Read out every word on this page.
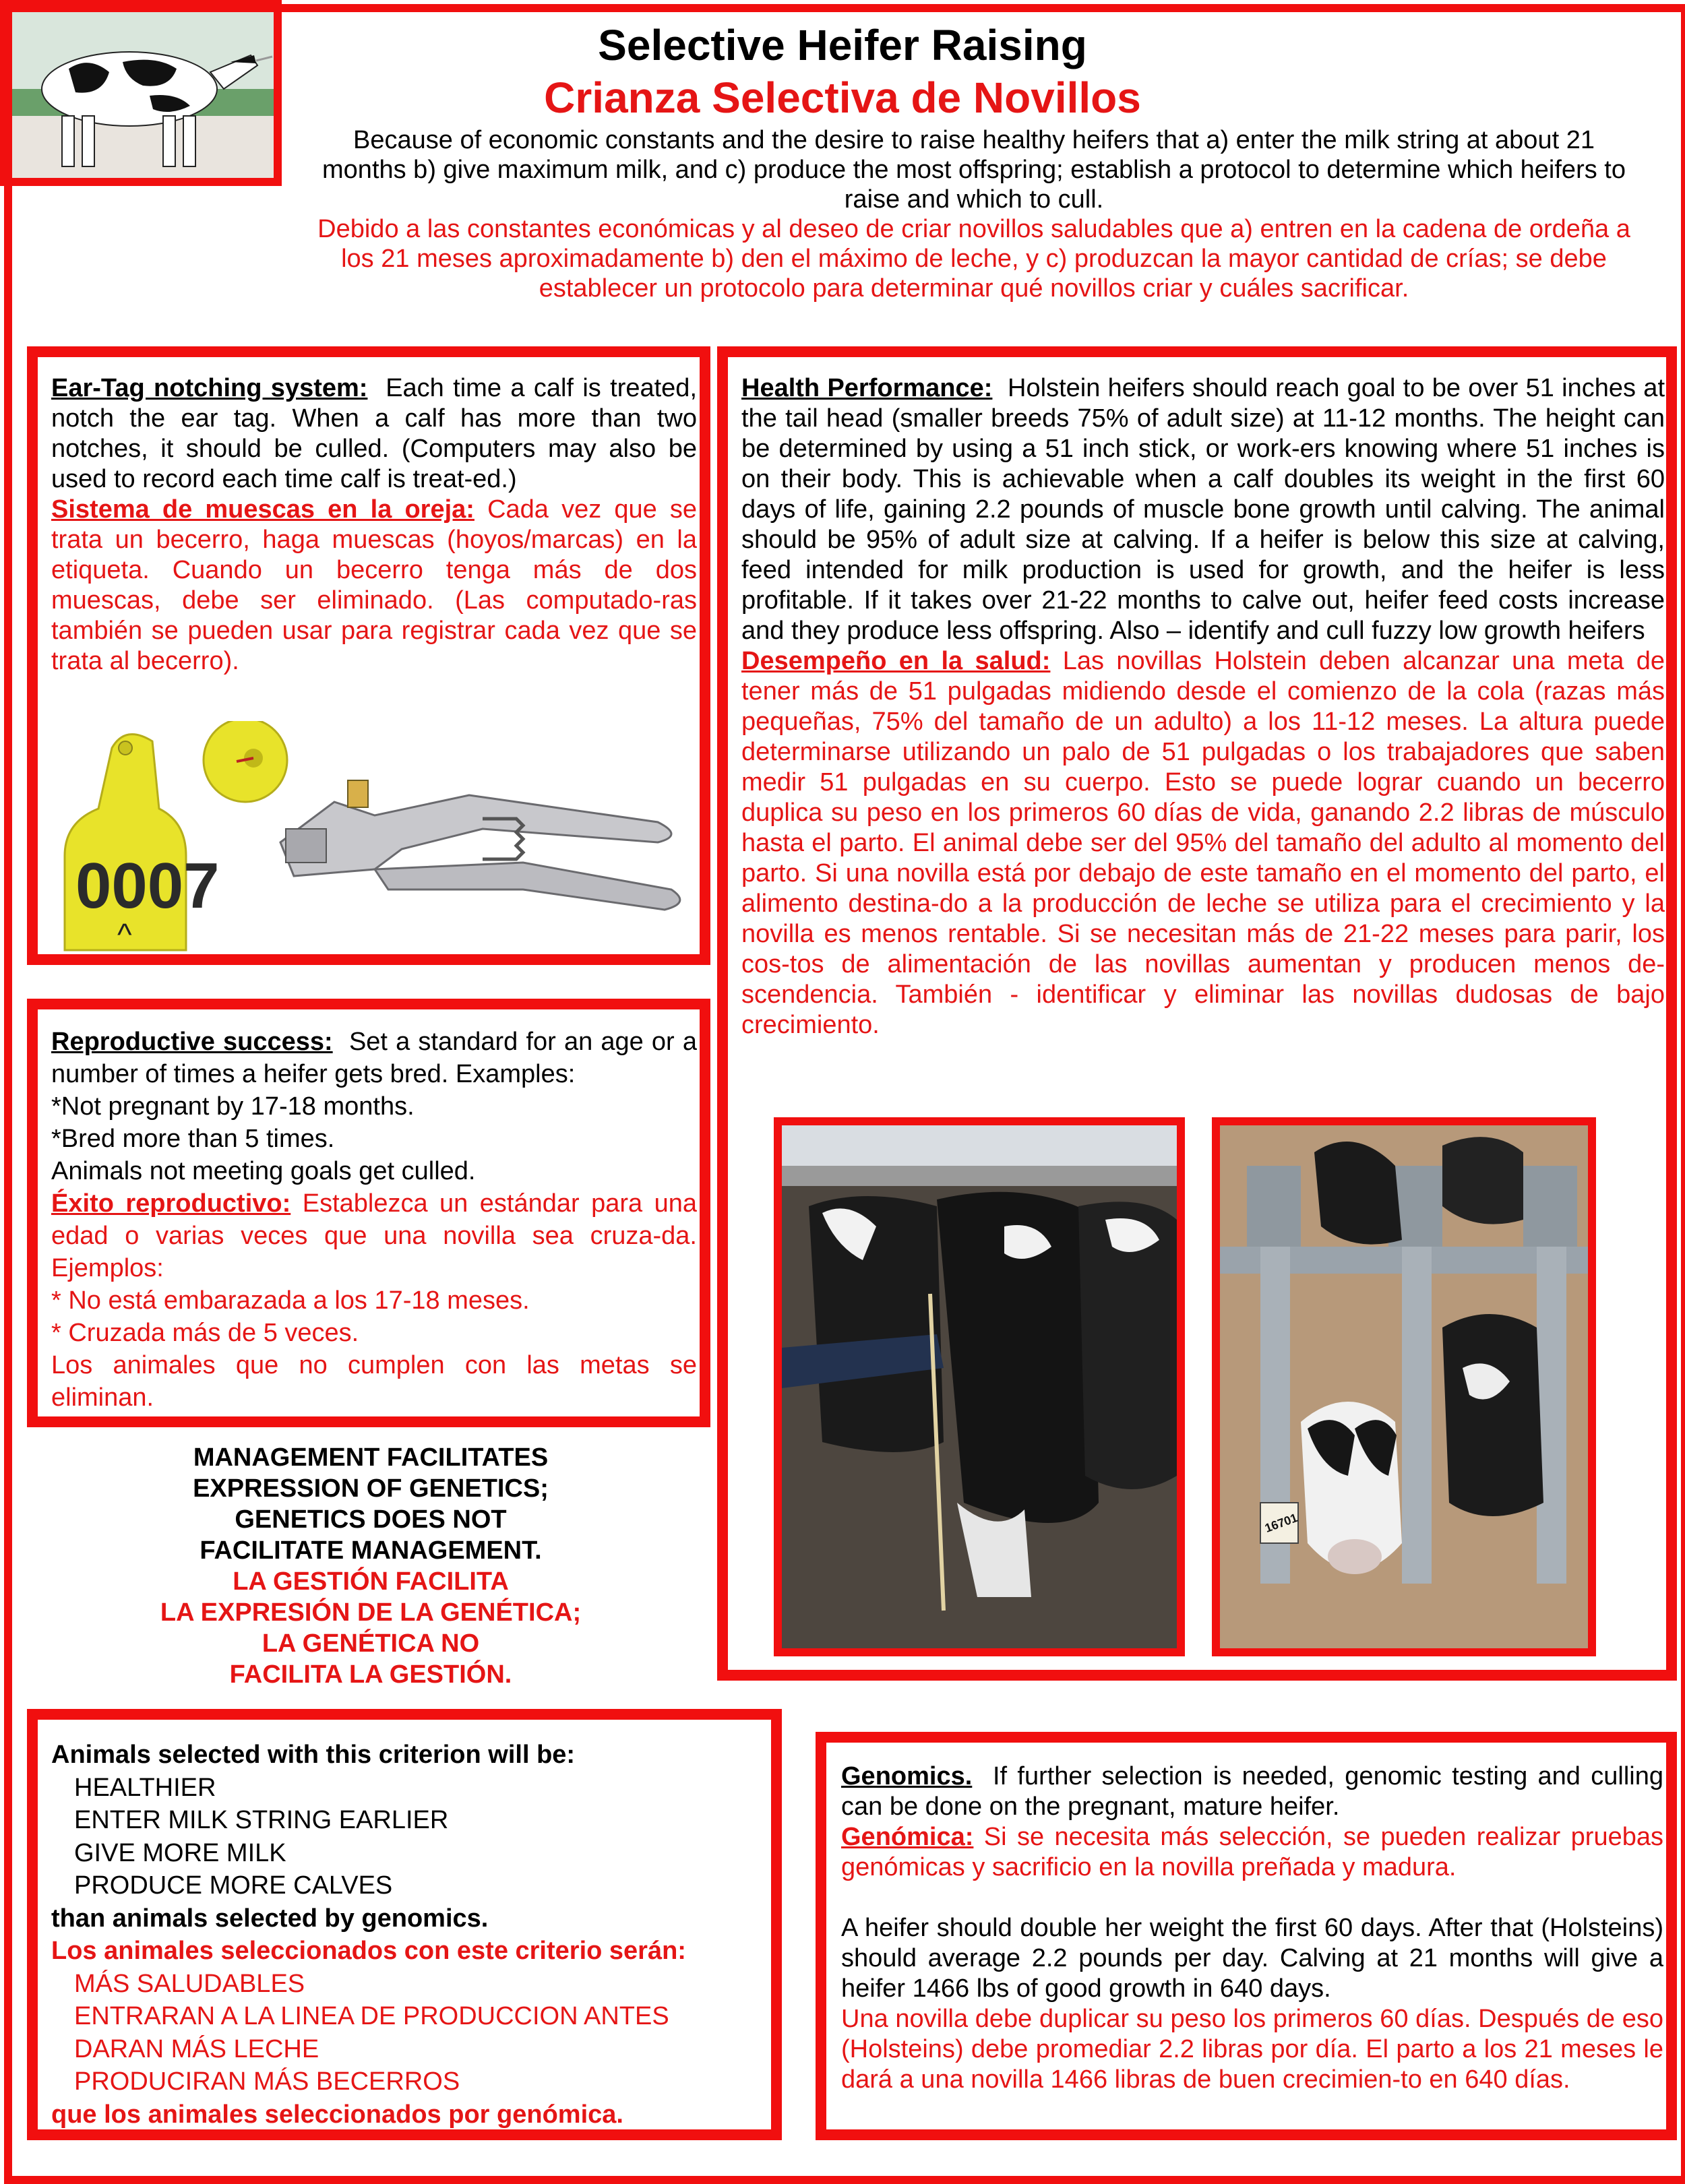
Selective Heifer Raising
Crianza Selectiva de Novillos

Because of economic constants and the desire to raise healthy heifers that a) enter the milk string at about 21 months b) give maximum milk, and c) produce the most offspring; establish a protocol to determine which heifers to raise and which to cull.

Debido a las constantes económicas y al deseo de criar novillos saludables que a) entren en la cadena de ordeña a los 21 meses aproximadamente b) den el máximo de leche, y c) produzcan la mayor cantidad de crías; se debe establecer un protocolo para determinar qué novillos criar y cuáles sacrificar.

Ear-Tag notching system: Each time a calf is treated, notch the ear tag. When a calf has more than two notches, it should be culled. (Computers may also be used to record each time calf is treat-ed.)

Sistema de muescas en la oreja: Cada vez que se trata un becerro, haga muescas (hoyos/marcas) en la etiqueta. Cuando un becerro tenga más de dos muescas, debe ser eliminado. (Las computado-ras también se pueden usar para registrar cada vez que se trata al becerro).

0007
^

Health Performance: Holstein heifers should reach goal to be over 51 inches at the tail head (smaller breeds 75% of adult size) at 11-12 months. The height can be determined by using a 51 inch stick, or work-ers knowing where 51 inches is on their body. This is achievable when a calf doubles its weight in the first 60 days of life, gaining 2.2 pounds of muscle bone growth until calving. The animal should be 95% of adult size at calving. If a heifer is below this size at calving, feed intended for milk production is used for growth, and the heifer is less profitable. If it takes over 21-22 months to calve out, heifer feed costs increase and they produce less offspring. Also – identify and cull fuzzy low growth heifers

Desempeño en la salud: Las novillas Holstein deben alcanzar una meta de tener más de 51 pulgadas midiendo desde el comienzo de la cola (razas más pequeñas, 75% del tamaño de un adulto) a los 11-12 meses. La altura puede determinarse utilizando un palo de 51 pulgadas o los trabajadores que saben medir 51 pulgadas en su cuerpo. Esto se puede lograr cuando un becerro duplica su peso en los primeros 60 días de vida, ganando 2.2 libras de músculo hasta el parto. El animal debe ser del 95% del tamaño del adulto al momento del parto. Si una novilla está por debajo de este tamaño en el momento del parto, el alimento destina-do a la producción de leche se utiliza para el crecimiento y la novilla es menos rentable. Si se necesitan más de 21-22 meses para parir, los cos-tos de alimentación de las novillas aumentan y producen menos de-scendencia. También - identificar y eliminar las novillas dudosas de bajo crecimiento.

16701

Reproductive success: Set a standard for an age or a number of times a heifer gets bred. Examples:

*Not pregnant by 17-18 months.

*Bred more than 5 times.

Animals not meeting goals get culled.

Éxito reproductivo: Establezca un estándar para una edad o varias veces que una novilla sea cruza-da. Ejemplos:

* No está embarazada a los 17-18 meses.

* Cruzada más de 5 veces.

Los animales que no cumplen con las metas se eliminan.

MANAGEMENT FACILITATES

EXPRESSION OF GENETICS;

GENETICS DOES NOT

FACILITATE MANAGEMENT.

LA GESTIÓN FACILITA

LA EXPRESIÓN DE LA GENÉTICA;

LA GENÉTICA NO

FACILITA LA GESTIÓN.

Animals selected with this criterion will be:
HEALTHIER
ENTER MILK STRING EARLIER
GIVE MORE MILK
PRODUCE MORE CALVES
than animals selected by genomics.
Los animales seleccionados con este criterio serán:
MÁS SALUDABLES
ENTRARAN A LA LINEA DE PRODUCCION ANTES
DARAN MÁS LECHE
PRODUCIRAN MÁS BECERROS
que los animales seleccionados por genómica.

Genomics. If further selection is needed, genomic testing and culling can be done on the pregnant, mature heifer.

Genómica: Si se necesita más selección, se pueden realizar pruebas genómicas y sacrificio en la novilla preñada y madura.

A heifer should double her weight the first 60 days. After that (Holsteins) should average 2.2 pounds per day. Calving at 21 months will give a heifer 1466 lbs of good growth in 640 days.

Una novilla debe duplicar su peso los primeros 60 días. Después de eso (Holsteins) debe promediar 2.2 libras por día. El parto a los 21 meses le dará a una novilla 1466 libras de buen crecimien-to en 640 días.
